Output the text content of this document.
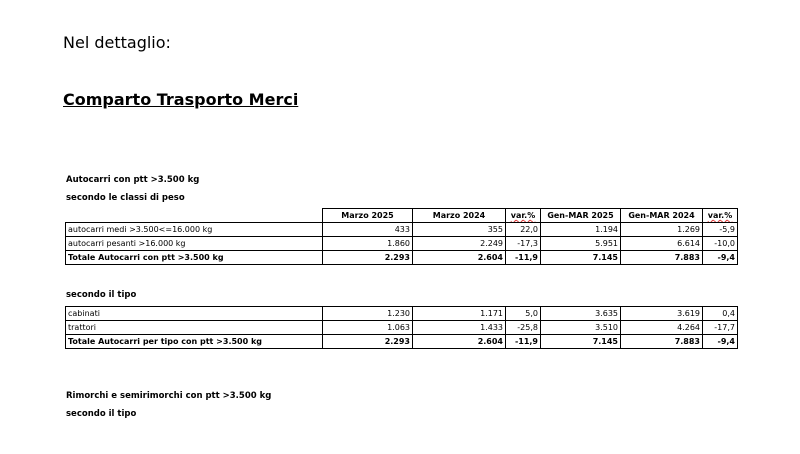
Nel dettaglio:
Comparto Trasporto Merci
Autocarri con ptt >3.500 kg
secondo le classi di peso
	Marzo 2025	Marzo 2024	var.%	Gen-MAR 2025	Gen-MAR 2024	var.%
autocarri medi >3.500<=16.000 kg	433	355	22,0	1.194	1.269	-5,9
autocarri pesanti >16.000 kg	1.860	2.249	-17,3	5.951	6.614	-10,0
Totale Autocarri con ptt >3.500 kg	2.293	2.604	-11,9	7.145	7.883	-9,4
secondo il tipo
cabinati	1.230	1.171	5,0	3.635	3.619	0,4
trattori	1.063	1.433	-25,8	3.510	4.264	-17,7
Totale Autocarri per tipo con ptt >3.500 kg	2.293	2.604	-11,9	7.145	7.883	-9,4
Rimorchi e semirimorchi con ptt >3.500 kg
secondo il tipo
